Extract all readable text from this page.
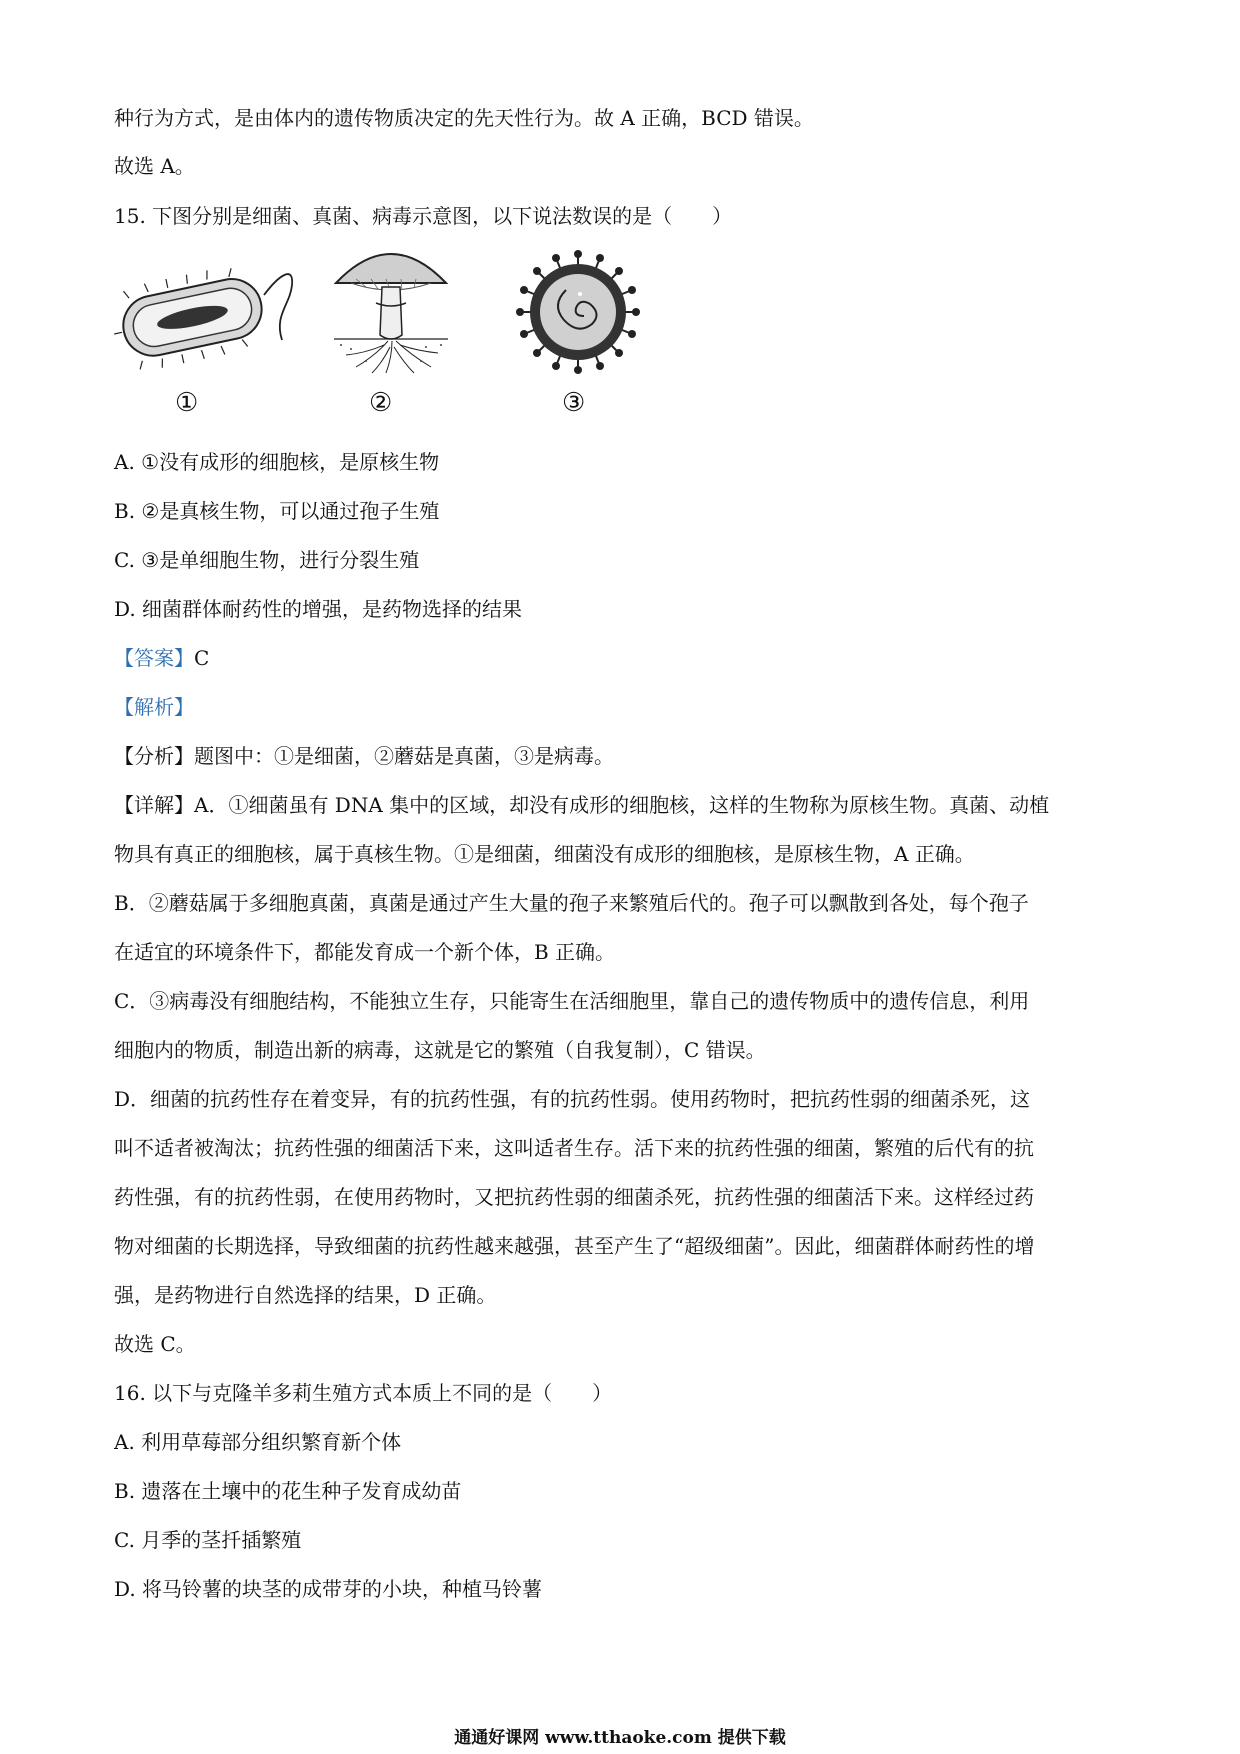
种行为方式，是由体内的遗传物质决定的先天性行为。故 A 正确，BCD 错误。
故选 A。
15. 下图分别是细菌、真菌、病毒示意图，以下说法数误的是（　　）
①	②	③
A. ①没有成形的细胞核，是原核生物
B. ②是真核生物，可以通过孢子生殖
C. ③是单细胞生物，进行分裂生殖
D. 细菌群体耐药性的增强，是药物选择的结果
【答案】C
【解析】
【分析】题图中：①是细菌，②蘑菇是真菌，③是病毒。
【详解】A．①细菌虽有 DNA 集中的区域，却没有成形的细胞核，这样的生物称为原核生物。真菌、动植
物具有真正的细胞核，属于真核生物。①是细菌，细菌没有成形的细胞核，是原核生物，A 正确。
B．②蘑菇属于多细胞真菌，真菌是通过产生大量的孢子来繁殖后代的。孢子可以飘散到各处，每个孢子
在适宜的环境条件下，都能发育成一个新个体，B 正确。
C．③病毒没有细胞结构，不能独立生存，只能寄生在活细胞里，靠自己的遗传物质中的遗传信息，利用
细胞内的物质，制造出新的病毒，这就是它的繁殖（自我复制），C 错误。
D．细菌的抗药性存在着变异，有的抗药性强，有的抗药性弱。使用药物时，把抗药性弱的细菌杀死，这
叫不适者被淘汰；抗药性强的细菌活下来，这叫适者生存。活下来的抗药性强的细菌，繁殖的后代有的抗
药性强，有的抗药性弱，在使用药物时，又把抗药性弱的细菌杀死，抗药性强的细菌活下来。这样经过药
物对细菌的长期选择，导致细菌的抗药性越来越强，甚至产生了“超级细菌”。因此，细菌群体耐药性的增
强，是药物进行自然选择的结果，D 正确。
故选 C。
16. 以下与克隆羊多莉生殖方式本质上不同的是（　　）
A. 利用草莓部分组织繁育新个体
B. 遗落在土壤中的花生种子发育成幼苗
C. 月季的茎扦插繁殖
D. 将马铃薯的块茎的成带芽的小块，种植马铃薯
通通好课网 www.tthaoke.com 提供下载
